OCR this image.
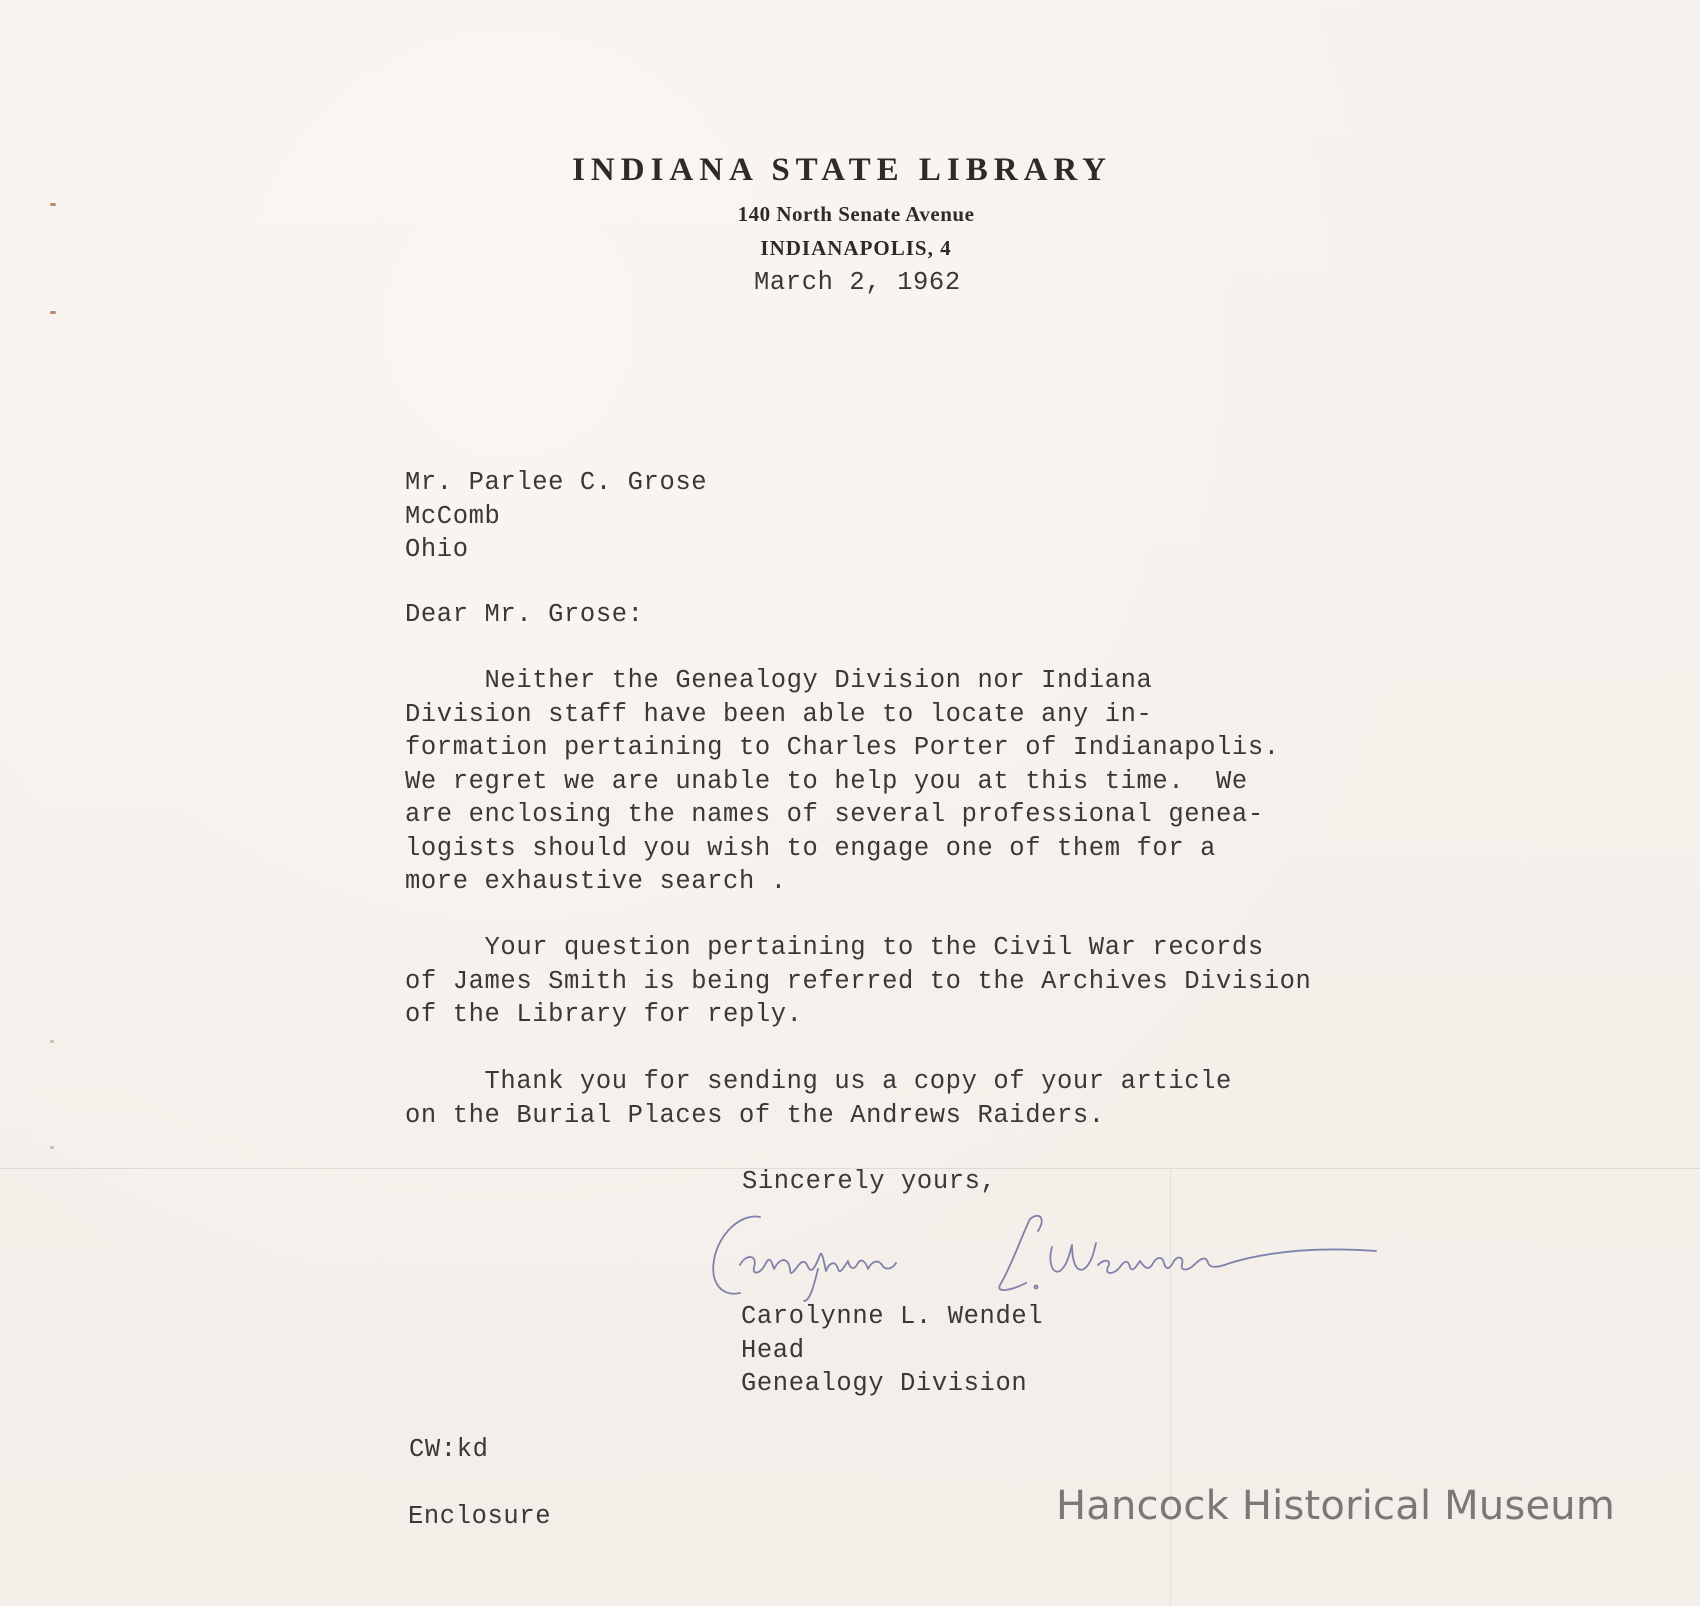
INDIANA STATE LIBRARY
140 North Senate Avenue
INDIANAPOLIS, 4
March 2, 1962
Mr. Parlee C. Grose
McComb
Ohio
Dear Mr. Grose:
Neither the Genealogy Division nor Indiana
Division staff have been able to locate any in-
formation pertaining to Charles Porter of Indianapolis.
We regret we are unable to help you at this time.  We
are enclosing the names of several professional genea-
logists should you wish to engage one of them for a
more exhaustive search .
Your question pertaining to the Civil War records
of James Smith is being referred to the Archives Division
of the Library for reply.
Thank you for sending us a copy of your article
on the Burial Places of the Andrews Raiders.
Sincerely yours,
Carolynne L. Wendel
Head
Genealogy Division
CW:kd
Enclosure	Hancock Historical Museum
